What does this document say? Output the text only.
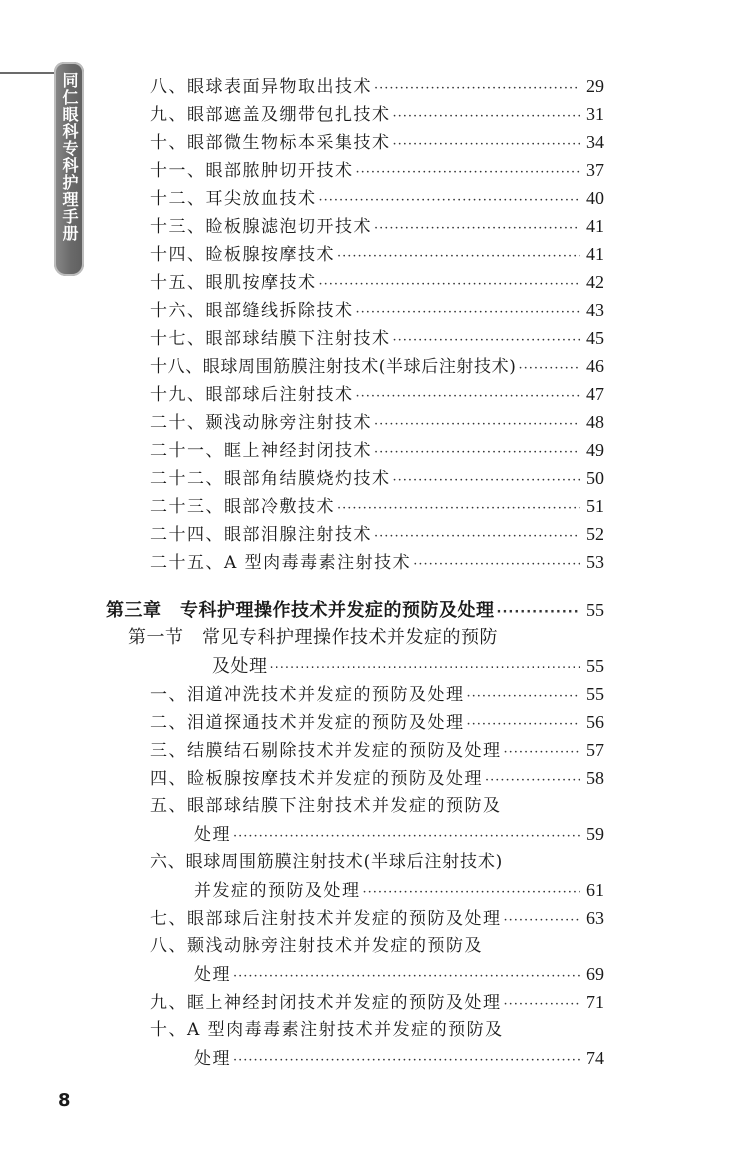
同仁眼科专科护理手册	八、眼球表面异物取出技术 ·····	29
九、眼部遮盖及绷带包扎技术 ·····	31
十、眼部微生物标本采集技术 ·····	34
十一、眼部脓肿切开技术 ·····	37
十二、耳尖放血技术 ·····	40
十三、睑板腺滤泡切开技术 ·····	41
十四、睑板腺按摩技术 ·····	41
十五、眼肌按摩技术 ·····	42
十六、眼部缝线拆除技术 ·····	43
十七、眼部球结膜下注射技术 ·····	45
十八、眼球周围筋膜注射技术(半球后注射技术) ·····	46
十九、眼部球后注射技术 ·····	47
二十、颞浅动脉旁注射技术 ·····	48
二十一、眶上神经封闭技术 ·····	49
二十二、眼部角结膜烧灼技术 ·····	50
二十三、眼部冷敷技术 ·····	51
二十四、眼部泪腺注射技术 ·····	52
二十五、A 型肉毒毒素注射技术 ·····	53
第三章　专科护理操作技术并发症的预防及处理 ·····	55
第一节　常见专科护理操作技术并发症的预防
及处理 ·····	55
一、泪道冲洗技术并发症的预防及处理 ·····	55
二、泪道探通技术并发症的预防及处理 ·····	56
三、结膜结石剔除技术并发症的预防及处理 ·····	57
四、睑板腺按摩技术并发症的预防及处理 ·····	58
五、眼部球结膜下注射技术并发症的预防及
处理 ·····	59
六、眼球周围筋膜注射技术(半球后注射技术)
并发症的预防及处理 ·····	61
七、眼部球后注射技术并发症的预防及处理 ·····	63
八、颞浅动脉旁注射技术并发症的预防及
处理 ·····	69
九、眶上神经封闭技术并发症的预防及处理 ·····	71
十、A 型肉毒毒素注射技术并发症的预防及
处理 ·····	74
8
